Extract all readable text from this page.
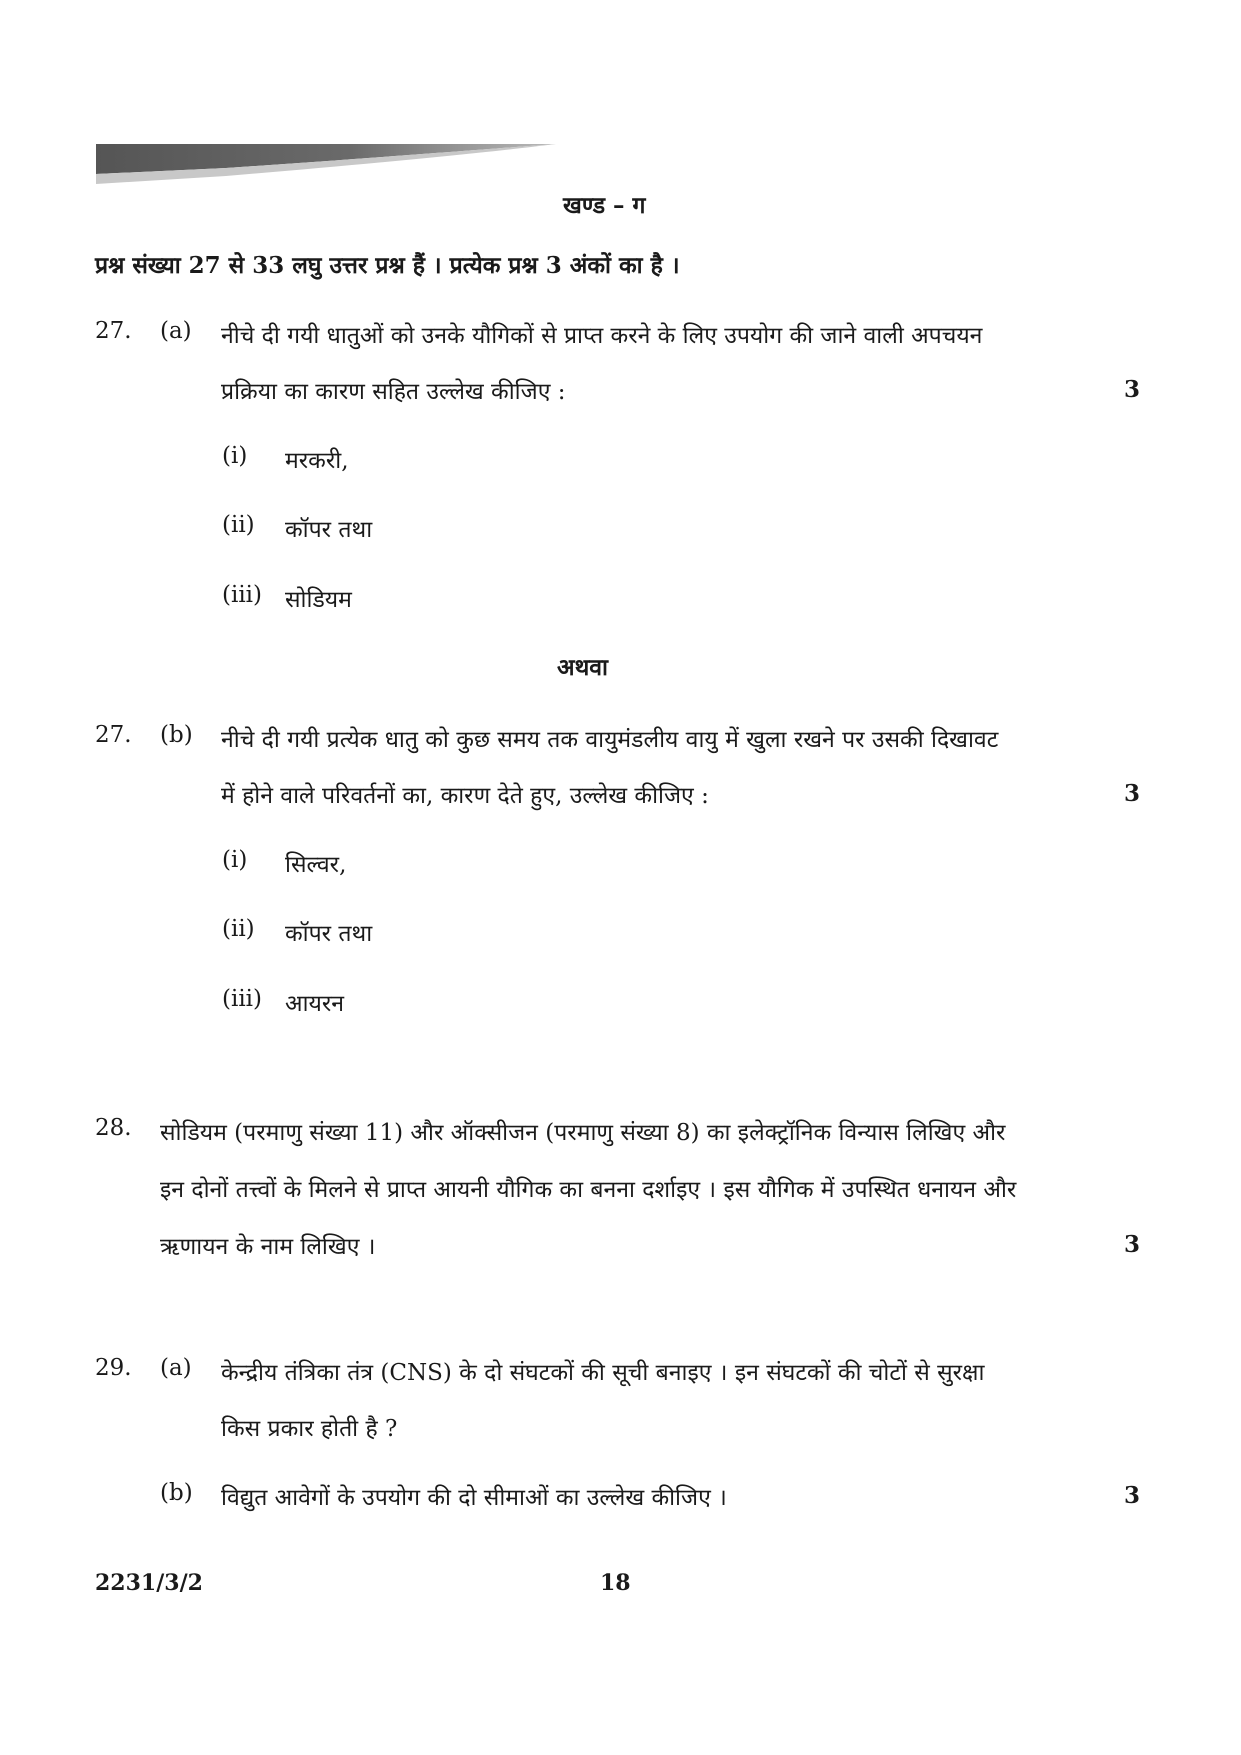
खण्ड – ग
प्रश्न संख्या 27 से 33 लघु उत्तर प्रश्न हैं । प्रत्येक प्रश्न 3 अंकों का है ।
27. (a) नीचे दी गयी धातुओं को उनके यौगिकों से प्राप्त करने के लिए उपयोग की जाने वाली अपचयन
प्रक्रिया का कारण सहित उल्लेख कीजिए :	3
(i) मरकरी,
(ii) कॉपर तथा
(iii) सोडियम
अथवा
27. (b) नीचे दी गयी प्रत्येक धातु को कुछ समय तक वायुमंडलीय वायु में खुला रखने पर उसकी दिखावट
में होने वाले परिवर्तनों का, कारण देते हुए, उल्लेख कीजिए :	3
(i) सिल्वर,
(ii) कॉपर तथा
(iii) आयरन
28. सोडियम (परमाणु संख्या 11) और ऑक्सीजन (परमाणु संख्या 8) का इलेक्ट्रॉनिक विन्यास लिखिए और
इन दोनों तत्त्वों के मिलने से प्राप्त आयनी यौगिक का बनना दर्शाइए । इस यौगिक में उपस्थित धनायन और
ऋणायन के नाम लिखिए ।	3
29. (a) केन्द्रीय तंत्रिका तंत्र (CNS) के दो संघटकों की सूची बनाइए । इन संघटकों की चोटों से सुरक्षा
किस प्रकार होती है ?
(b) विद्युत आवेगों के उपयोग की दो सीमाओं का उल्लेख कीजिए ।	3
2231/3/2	18
